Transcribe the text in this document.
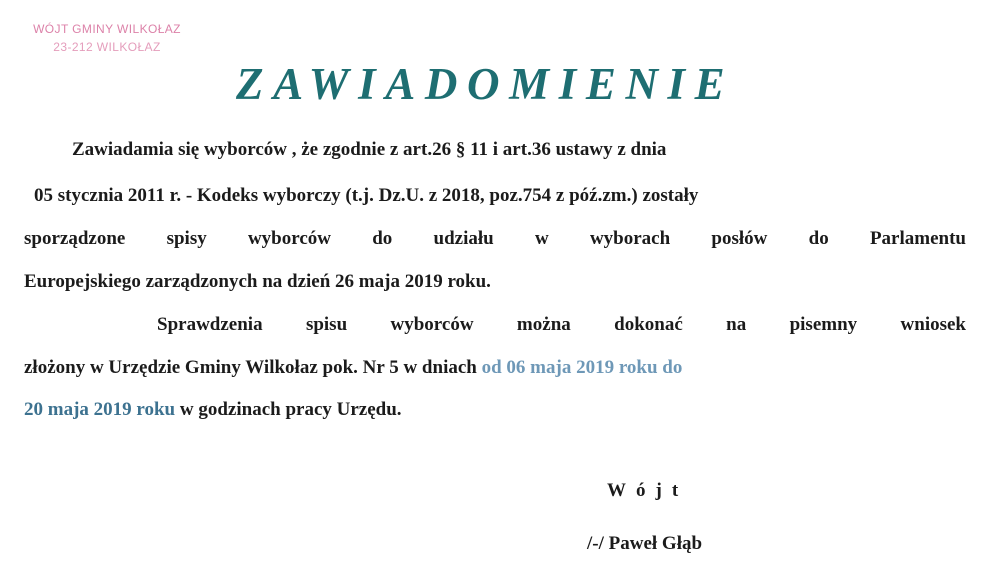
WÓJT GMINY WILKOŁAZ
23-212 WILKOŁAZ
ZAWIADOMIENIE
Zawiadamia się wyborców , że zgodnie z art.26 § 11 i art.36 ustawy z dnia
05 stycznia 2011 r. - Kodeks wyborczy (t.j. Dz.U. z 2018, poz.754 z póź.zm.) zostały
sporządzone spisy wyborców do udziału w wyborach posłów do Parlamentu
Europejskiego zarządzonych na dzień 26 maja 2019 roku.
Sprawdzenia spisu wyborców można dokonać na pisemny wniosek
złożony w Urzędzie Gminy Wilkołaz pok. Nr 5 w dniach od 06 maja 2019 roku do
20 maja 2019 roku w godzinach pracy Urzędu.
Wójt
/-/ Paweł Głąb
